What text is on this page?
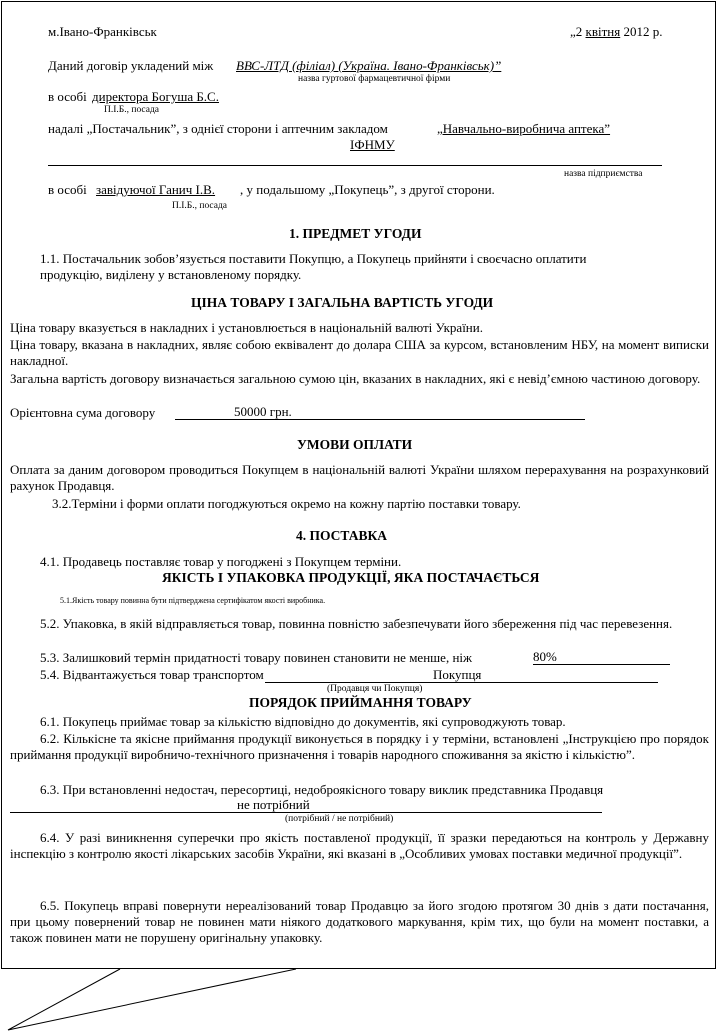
м.Івано-Франківськ	„2 квітня 2012 р.
Даний договір укладений між ВВС-ЛТД (філіал) (Україна. Івано-Франківськ)”
назва гуртової фармацевтичної фірми
в особі директора Богуша Б.С.
П.І.Б., посада
надалі „Постачальник”, з однієї сторони і аптечним закладом	„Навчально-виробнича аптека”
ІФНМУ
назва підприємства
в особі завідуючої Ганич І.В. , у подальшому „Покупець”, з другої сторони.
П.І.Б., посада
1. ПРЕДМЕТ УГОДИ
1.1. Постачальник зобов’язується поставити Покупцю, а Покупець прийняти і своєчасно оплатити
продукцію, виділену у встановленому порядку.
ЦІНА ТОВАРУ І ЗАГАЛЬНА ВАРТІСТЬ УГОДИ
Ціна товару вказується в накладних і установлюється в національній валюті України.
Ціна товару, вказана в накладних, являє собою еквівалент до долара США за курсом, встановленим НБУ, на момент виписки накладної.
Загальна вартість договору визначається загальною сумою цін, вказаних в накладних, які є невід’ємною частиною договору.
Орієнтовна сума договору	50000 грн.
УМОВИ ОПЛАТИ
Оплата за даним договором проводиться Покупцем в національній валюті України шляхом перерахування на розрахунковий рахунок Продавця.
3.2.Терміни і форми оплати погоджуються окремо на кожну партію поставки товару.
4. ПОСТАВКА
4.1. Продавець поставляє товар у погодженi з Покупцем терміни.
ЯКІСТЬ І УПАКОВКА ПРОДУКЦІЇ, ЯКА ПОСТАЧАЄТЬСЯ
5.1.Якість товару повинна бути підтверджена сертифікатом якості виробника.
5.2. Упаковка, в якій відправляється товар, повинна повністю забезпечувати його збереження під час перевезення.
5.3. Залишковий термін придатності товару повинен становити не менше, ніж	80%
5.4. Відвантажується товар транспортом	Покупця
(Продавця чи Покупця)
ПОРЯДОК ПРИЙМАННЯ ТОВАРУ
6.1. Покупець приймає товар за кількістю відповідно до документів, які супроводжують товар.
6.2. Кількісне та якісне приймання продукції виконується в порядку і у терміни, встановлені „Інструкцією про порядок приймання продукції виробничо-технічного призначення і товарів народного споживання за якістю і кількістю”.
6.3. При встановленні недостач, пересортиці, недоброякісного товару виклик представника Продавця
не потрібний
(потрібний / не потрібний)
6.4. У разі виникнення суперечки про якість поставленої продукції, її зразки передаються на контроль у Державну інспекцію з контролю якості лікарських засобів України, які вказані в „Особливих умовах поставки медичної продукції”.
6.5. Покупець вправі повернути нереалізований товар Продавцю за його згодою протягом 30 днів з дати постачання, при цьому повернений товар не повинен мати ніякого додаткового маркування, крім тих, що були на момент поставки, а також повинен мати не порушену оригінальну упаковку.
